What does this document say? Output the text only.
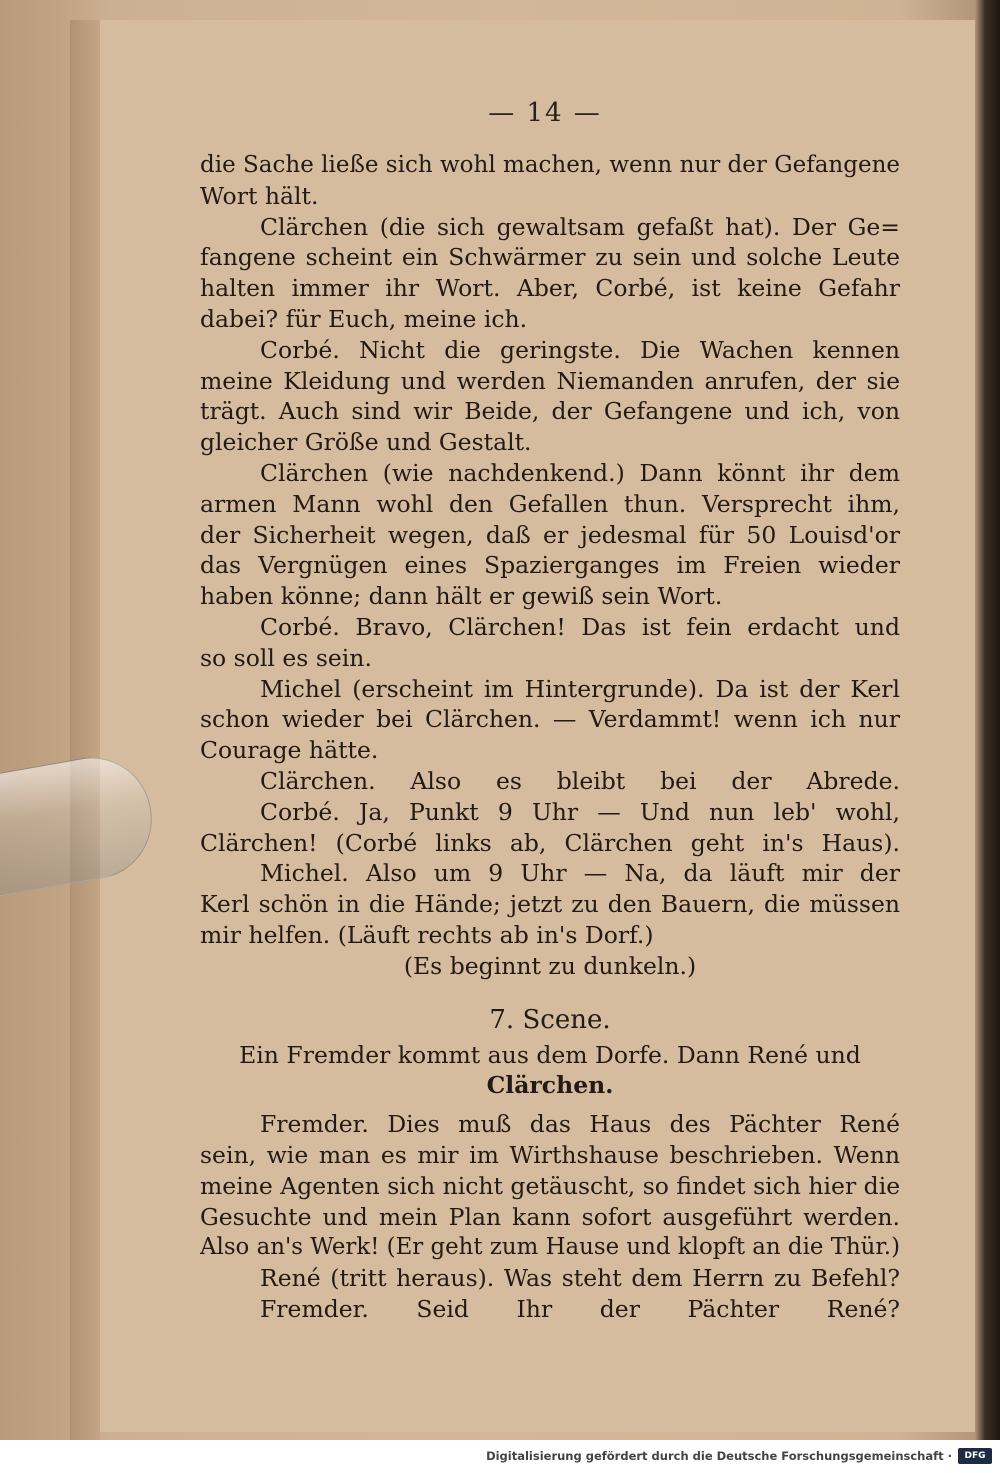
— 14 —
die Sache ließe sich wohl machen, wenn nur der Gefangene
Wort hält.
Clärchen (die sich gewaltsam gefaßt hat). Der Ge=
fangene scheint ein Schwärmer zu sein und solche Leute
halten immer ihr Wort. Aber, Corbé, ist keine Gefahr
dabei? für Euch, meine ich.
Corbé. Nicht die geringste. Die Wachen kennen
meine Kleidung und werden Niemanden anrufen, der sie
trägt. Auch sind wir Beide, der Gefangene und ich, von
gleicher Größe und Gestalt.
Clärchen (wie nachdenkend.) Dann könnt ihr dem
armen Mann wohl den Gefallen thun. Versprecht ihm,
der Sicherheit wegen, daß er jedesmal für 50 Louisd'or
das Vergnügen eines Spazierganges im Freien wieder
haben könne; dann hält er gewiß sein Wort.
Corbé. Bravo, Clärchen! Das ist fein erdacht und
so soll es sein.
Michel (erscheint im Hintergrunde). Da ist der Kerl
schon wieder bei Clärchen. — Verdammt! wenn ich nur
Courage hätte.
Clärchen. Also es bleibt bei der Abrede.
Corbé. Ja, Punkt 9 Uhr — Und nun leb' wohl,
Clärchen! (Corbé links ab, Clärchen geht in's Haus).
Michel. Also um 9 Uhr — Na, da läuft mir der
Kerl schön in die Hände; jetzt zu den Bauern, die müssen
mir helfen. (Läuft rechts ab in's Dorf.)
(Es beginnt zu dunkeln.)
7. Scene.
Ein Fremder kommt aus dem Dorfe. Dann René und
Clärchen.
Fremder. Dies muß das Haus des Pächter René
sein, wie man es mir im Wirthshause beschrieben. Wenn
meine Agenten sich nicht getäuscht, so findet sich hier die
Gesuchte und mein Plan kann sofort ausgeführt werden.
Also an's Werk! (Er geht zum Hause und klopft an die Thür.)
René (tritt heraus). Was steht dem Herrn zu Befehl?
Fremder. Seid Ihr der Pächter René?
Digitalisierung gefördert durch die Deutsche Forschungsgemeinschaft ·	DFG
